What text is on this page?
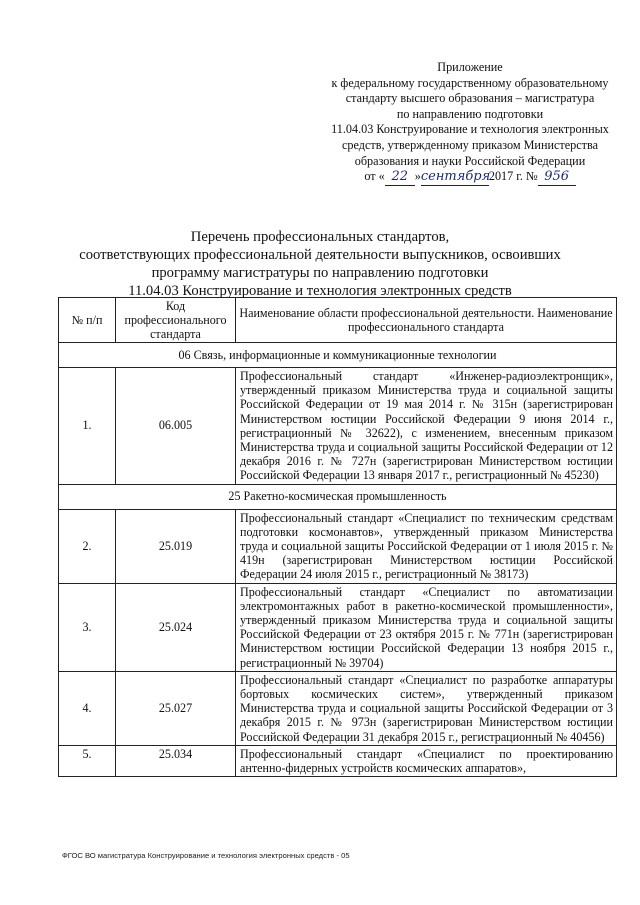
Приложение
к федеральному государственному образовательному
стандарту высшего образования – магистратура
по направлению подготовки
11.04.03 Конструирование и технология электронных
средств, утвержденному приказом Министерства
образования и науки Российской Федерации
от « 22 »сентября2017 г. № 956
Перечень профессиональных стандартов,
соответствующих профессиональной деятельности выпускников, освоивших
программу магистратуры по направлению подготовки
11.04.03 Конструирование и технология электронных средств
№ п/п	Код профессионального стандарта	Наименование области профессиональной деятельности. Наименование профессионального стандарта
06 Связь, информационные и коммуникационные технологии		
1.	06.005	Профессиональный стандарт «Инженер-радиоэлектронщик», утвержденный приказом Министерства труда и социальной защиты Российской Федерации от 19 мая 2014 г. № 315н (зарегистрирован Министерством юстиции Российской Федерации 9 июня 2014 г., регистрационный № 32622), с изменением, внесенным приказом Министерства труда и социальной защиты Российской Федерации от 12 декабря 2016 г. № 727н (зарегистрирован Министерством юстиции Российской Федерации 13 января 2017 г., регистрационный № 45230)
25 Ракетно-космическая промышленность		
2.	25.019	Профессиональный стандарт «Специалист по техническим средствам подготовки космонавтов», утвержденный приказом Министерства труда и социальной защиты Российской Федерации от 1 июля 2015 г. № 419н (зарегистрирован Министерством юстиции Российской Федерации 24 июля 2015 г., регистрационный № 38173)
3.	25.024	Профессиональный стандарт «Специалист по автоматизации электромонтажных работ в ракетно-космической промышленности», утвержденный приказом Министерства труда и социальной защиты Российской Федерации от 23 октября 2015 г. № 771н (зарегистрирован Министерством юстиции Российской Федерации 13 ноября 2015 г., регистрационный № 39704)
4.	25.027	Профессиональный стандарт «Специалист по разработке аппаратуры бортовых космических систем», утвержденный приказом Министерства труда и социальной защиты Российской Федерации от 3 декабря 2015 г. № 973н (зарегистрирован Министерством юстиции Российской Федерации 31 декабря 2015 г., регистрационный № 40456)
5.	25.034	Профессиональный стандарт «Специалист по проектированию антенно-фидерных устройств космических аппаратов»,
ФГОС ВО магистратура Конструирование и технология электронных средств - 05
